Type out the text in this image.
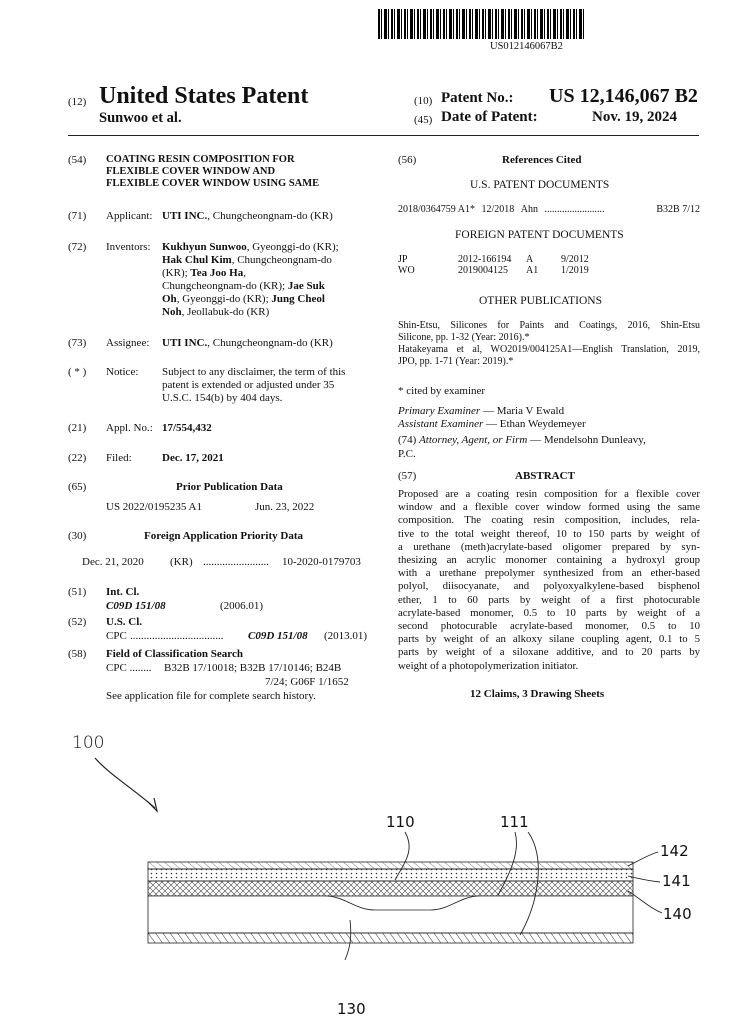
US012146067B2
(12) United States Patent
Sunwoo et al.
(10) Patent No.: US 12,146,067 B2
(45) Date of Patent:	Nov. 19, 2024
(54) COATING RESIN COMPOSITION FOR
FLEXIBLE COVER WINDOW AND
FLEXIBLE COVER WINDOW USING SAME
(71) Applicant: UTI INC., Chungcheongnam-do (KR)
(72) Inventors: Kukhyun Sunwoo, Gyeonggi-do (KR);
Hak Chul Kim, Chungcheongnam-do
(KR); Tea Joo Ha,
Chungcheongnam-do (KR); Jae Suk
Oh, Gyeonggi-do (KR); Jung Cheol
Noh, Jeollabuk-do (KR)
(73) Assignee: UTI INC., Chungcheongnam-do (KR)
( * ) Notice: Subject to any disclaimer, the term of this
patent is extended or adjusted under 35
U.S.C. 154(b) by 404 days.
(21) Appl. No.: 17/554,432
(22) Filed:	Dec. 17, 2021
(65)	Prior Publication Data
US 2022/0195235 A1	Jun. 23, 2022
(30)	Foreign Application Priority Data
Dec. 21, 2020 (KR) ........................ 10-2020-0179703
(51) Int. Cl.
C09D 151/08	(2006.01)
(52) U.S. Cl.
CPC .................................. C09D 151/08 (2013.01)
(58) Field of Classification Search
CPC ........ B32B 17/10018; B32B 17/10146; B24B
7/24; G06F 1/1652
See application file for complete search history.
(56)	References Cited
U.S. PATENT DOCUMENTS
2018/0364759 A1* 12/2018 Ahn ........................	B32B 7/12
FOREIGN PATENT DOCUMENTS
JP	2012-166194 A	9/2012
WO	2019004125 A1 1/2019
OTHER PUBLICATIONS
Shin-Etsu, Silicones for Paints and Coatings, 2016, Shin-Etsu
Silicone, pp. 1-32 (Year: 2016).*
Hatakeyama et al, WO2019/004125A1—English Translation, 2019,
JPO, pp. 1-71 (Year: 2019).*
* cited by examiner
Primary Examiner — Maria V Ewald
Assistant Examiner — Ethan Weydemeyer
(74) Attorney, Agent, or Firm — Mendelsohn Dunleavy,
P.C.
(57)	ABSTRACT
Proposed are a coating resin composition for a flexible cover
window and a flexible cover window formed using the same
composition. The coating resin composition, includes, rela-
tive to the total weight thereof, 10 to 150 parts by weight of
a urethane (meth)acrylate-based oligomer prepared by syn-
thesizing an acrylic monomer containing a hydroxyl group
with a urethane prepolymer synthesized from an ether-based
polyol, diisocyanate, and polyoxyalkylene-based bisphenol
ether, 1 to 60 parts by weight of a first photocurable
acrylate-based monomer, 0.5 to 10 parts by weight of a
second photocurable acrylate-based monomer, 0.5 to 10
parts by weight of an alkoxy silane coupling agent, 0.1 to 5
parts by weight of a siloxane additive, and to 20 parts by
weight of a photopolymerization initiator.
12 Claims, 3 Drawing Sheets
100
110	111
142
141
140
130
